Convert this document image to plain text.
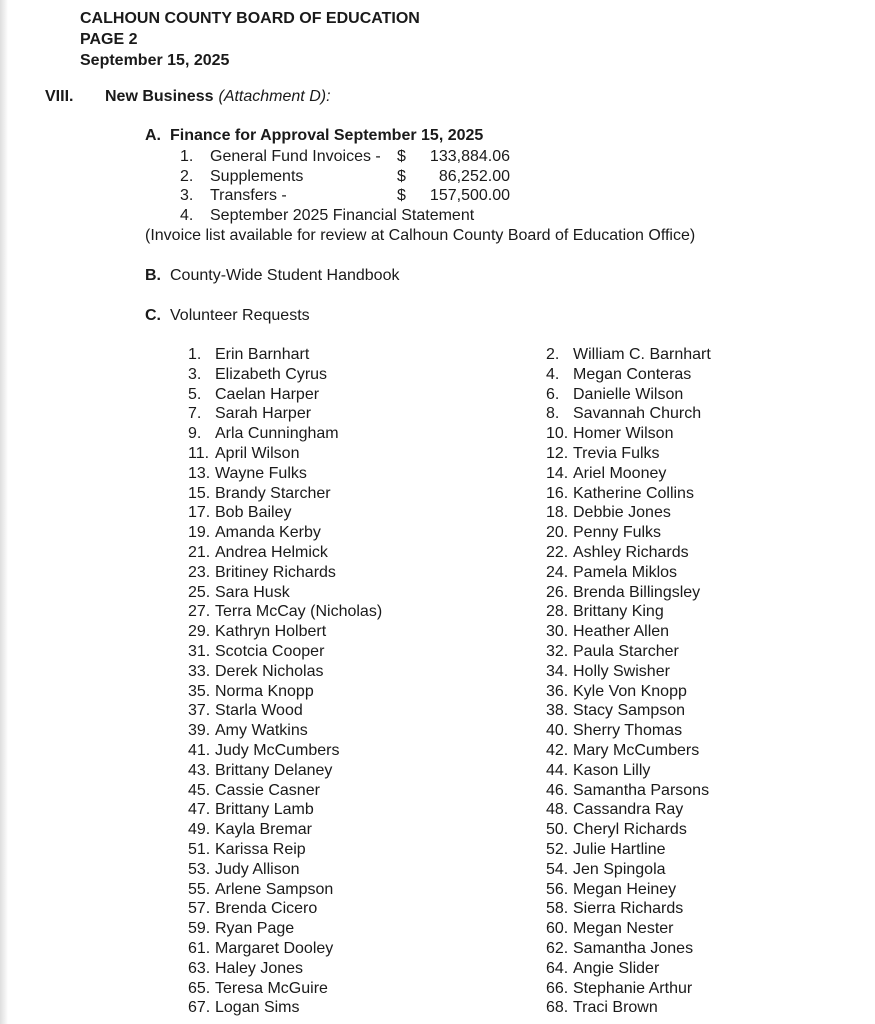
CALHOUN COUNTY BOARD OF EDUCATION
PAGE 2
September 15, 2025
VIII. New Business (Attachment D):
A. Finance for Approval September 15, 2025
1. General Fund Invoices -$ 133,884.06
2. Supplements	$ 86,252.00
3. Transfers -	$ 157,500.00
4. September 2025 Financial Statement
(Invoice list available for review at Calhoun County Board of Education Office)
B. County-Wide Student Handbook
C. Volunteer Requests
1. Erin Barnhart
3. Elizabeth Cyrus
5. Caelan Harper
7. Sarah Harper
9. Arla Cunningham
11. April Wilson
13. Wayne Fulks
15. Brandy Starcher
17. Bob Bailey
19. Amanda Kerby
21. Andrea Helmick
23. Britiney Richards
25. Sara Husk
27. Terra McCay (Nicholas)
29. Kathryn Holbert
31. Scotcia Cooper
33. Derek Nicholas
35. Norma Knopp
37. Starla Wood
39. Amy Watkins
41. Judy McCumbers
43. Brittany Delaney
45. Cassie Casner
47. Brittany Lamb
49. Kayla Bremar
51. Karissa Reip
53. Judy Allison
55. Arlene Sampson
57. Brenda Cicero
59. Ryan Page
61. Margaret Dooley
63. Haley Jones
65. Teresa McGuire
67. Logan Sims
2. William C. Barnhart
4. Megan Conteras
6. Danielle Wilson
8. Savannah Church
10. Homer Wilson
12. Trevia Fulks
14. Ariel Mooney
16. Katherine Collins
18. Debbie Jones
20. Penny Fulks
22. Ashley Richards
24. Pamela Miklos
26. Brenda Billingsley
28. Brittany King
30. Heather Allen
32. Paula Starcher
34. Holly Swisher
36. Kyle Von Knopp
38. Stacy Sampson
40. Sherry Thomas
42. Mary McCumbers
44. Kason Lilly
46. Samantha Parsons
48. Cassandra Ray
50. Cheryl Richards
52. Julie Hartline
54. Jen Spingola
56. Megan Heiney
58. Sierra Richards
60. Megan Nester
62. Samantha Jones
64. Angie Slider
66. Stephanie Arthur
68. Traci Brown
